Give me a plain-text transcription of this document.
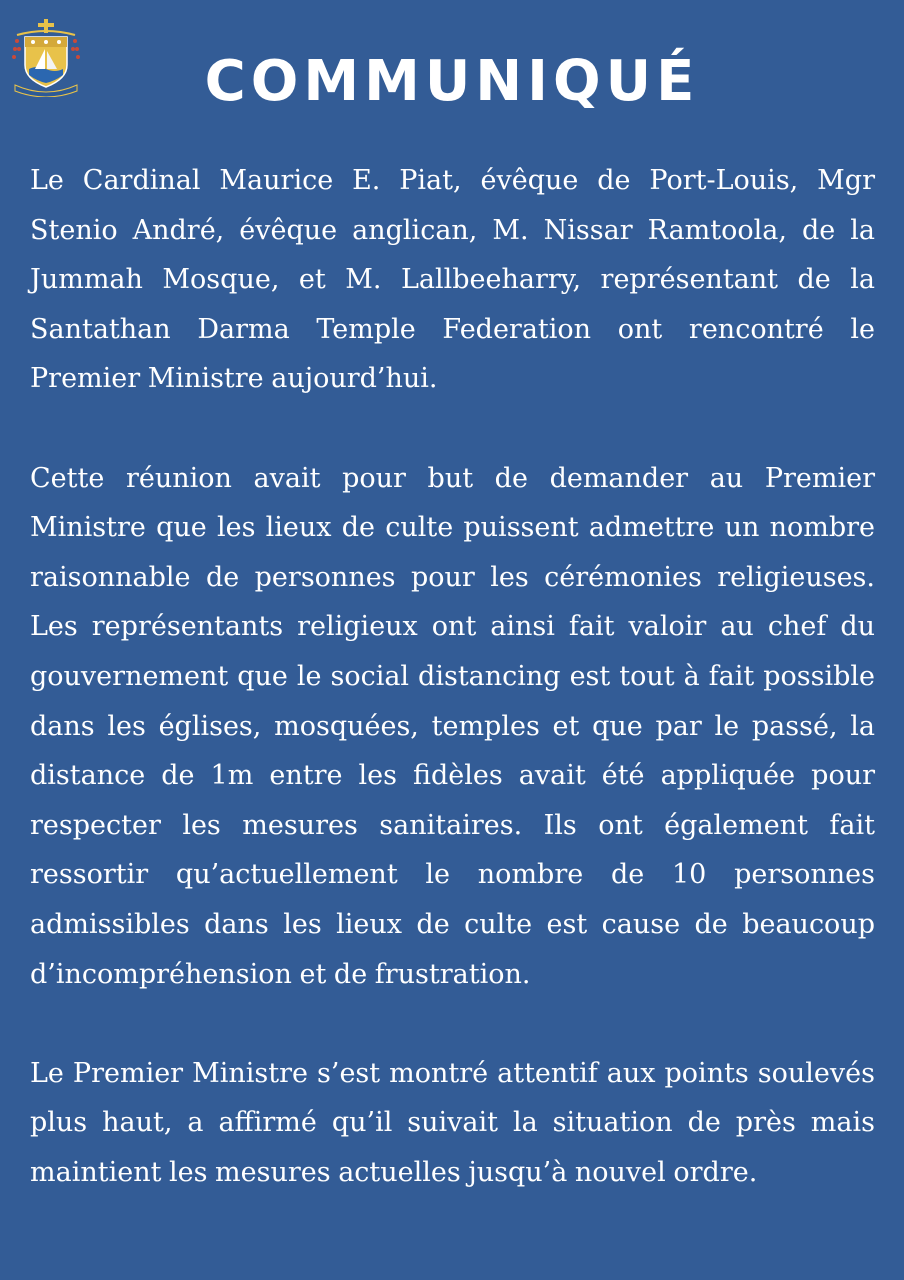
COMMUNIQUÉ

Le Cardinal Maurice E. Piat, évêque de Port-Louis, Mgr Stenio André, évêque anglican, M. Nissar Ramtoola, de la Jummah Mosque, et M. Lallbeeharry, représentant de la Santathan Darma Temple Federation ont rencontré le Premier Ministre aujourd’hui.

Cette réunion avait pour but de demander au Premier Ministre que les lieux de culte puissent admettre un nombre raisonnable de personnes pour les cérémonies religieuses. Les représentants religieux ont ainsi fait valoir au chef du gouvernement que le social distancing est tout à fait possible dans les églises, mosquées, temples et que par le passé, la distance de 1m entre les fidèles avait été appliquée pour respecter les mesures sanitaires. Ils ont également fait ressortir qu’actuellement le nombre de 10 personnes admissibles dans les lieux de culte est cause de beaucoup d’incompréhension et de frustration.

Le Premier Ministre s’est montré attentif aux points soulevés plus haut, a affirmé qu’il suivait la situation de près mais maintient les mesures actuelles jusqu’à nouvel ordre.
